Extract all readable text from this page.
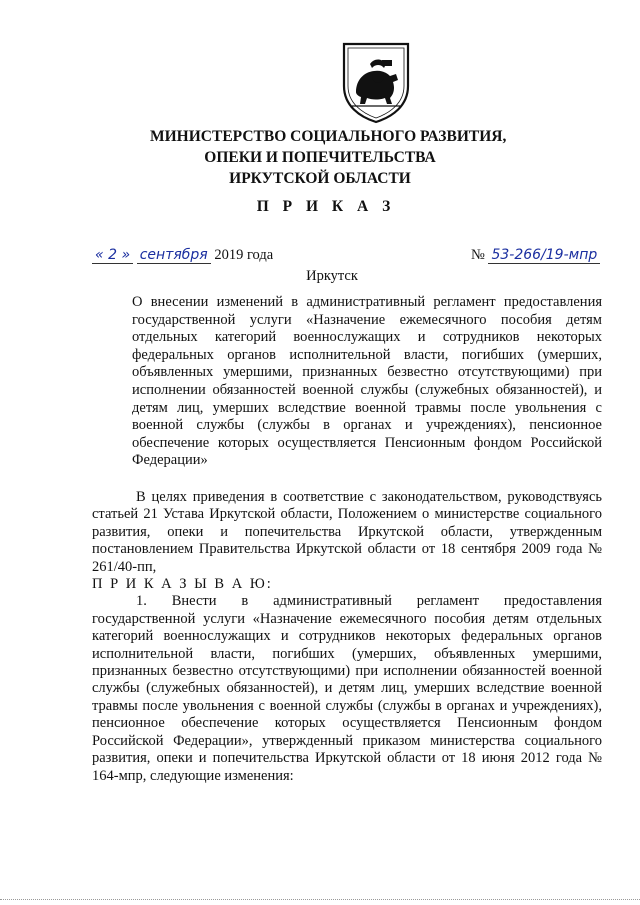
МИНИСТЕРСТВО СОЦИАЛЬНОГО РАЗВИТИЯ,
ОПЕКИ И ПОПЕЧИТЕЛЬСТВА
ИРКУТСКОЙ ОБЛАСТИ
П Р И К А З
« 2 » сентября 2019 года	№ 53-266/19-мпр
Иркутск
О внесении изменений в административный регламент предоставления государственной услуги «Назначение ежемесячного пособия детям отдельных категорий военнослужащих и сотрудников некоторых федеральных органов исполнительной власти, погибших (умерших, объявленных умершими, признанных безвестно отсутствующими) при исполнении обязанностей военной службы (служебных обязанностей), и детям лиц, умерших вследствие военной травмы после увольнения с военной службы (службы в органах и учреждениях), пенсионное обеспечение которых осуществляется Пенсионным фондом Российской Федерации»

В целях приведения в соответствие с законодательством, руководствуясь статьей 21 Устава Иркутской области, Положением о министерстве социального развития, опеки и попечительства Иркутской области, утвержденным постановлением Правительства Иркутской области от 18 сентября 2009 года № 261/40-пп,

П Р И К А З Ы В А Ю:

1. Внести в административный регламент предоставления государственной услуги «Назначение ежемесячного пособия детям отдельных категорий военнослужащих и сотрудников некоторых федеральных органов исполнительной власти, погибших (умерших, объявленных умершими, признанных безвестно отсутствующими) при исполнении обязанностей военной службы (служебных обязанностей), и детям лиц, умерших вследствие военной травмы после увольнения с военной службы (службы в органах и учреждениях), пенсионное обеспечение которых осуществляется Пенсионным фондом Российской Федерации», утвержденный приказом министерства социального развития, опеки и попечительства Иркутской области от 18 июня 2012 года № 164-мпр, следующие изменения:
